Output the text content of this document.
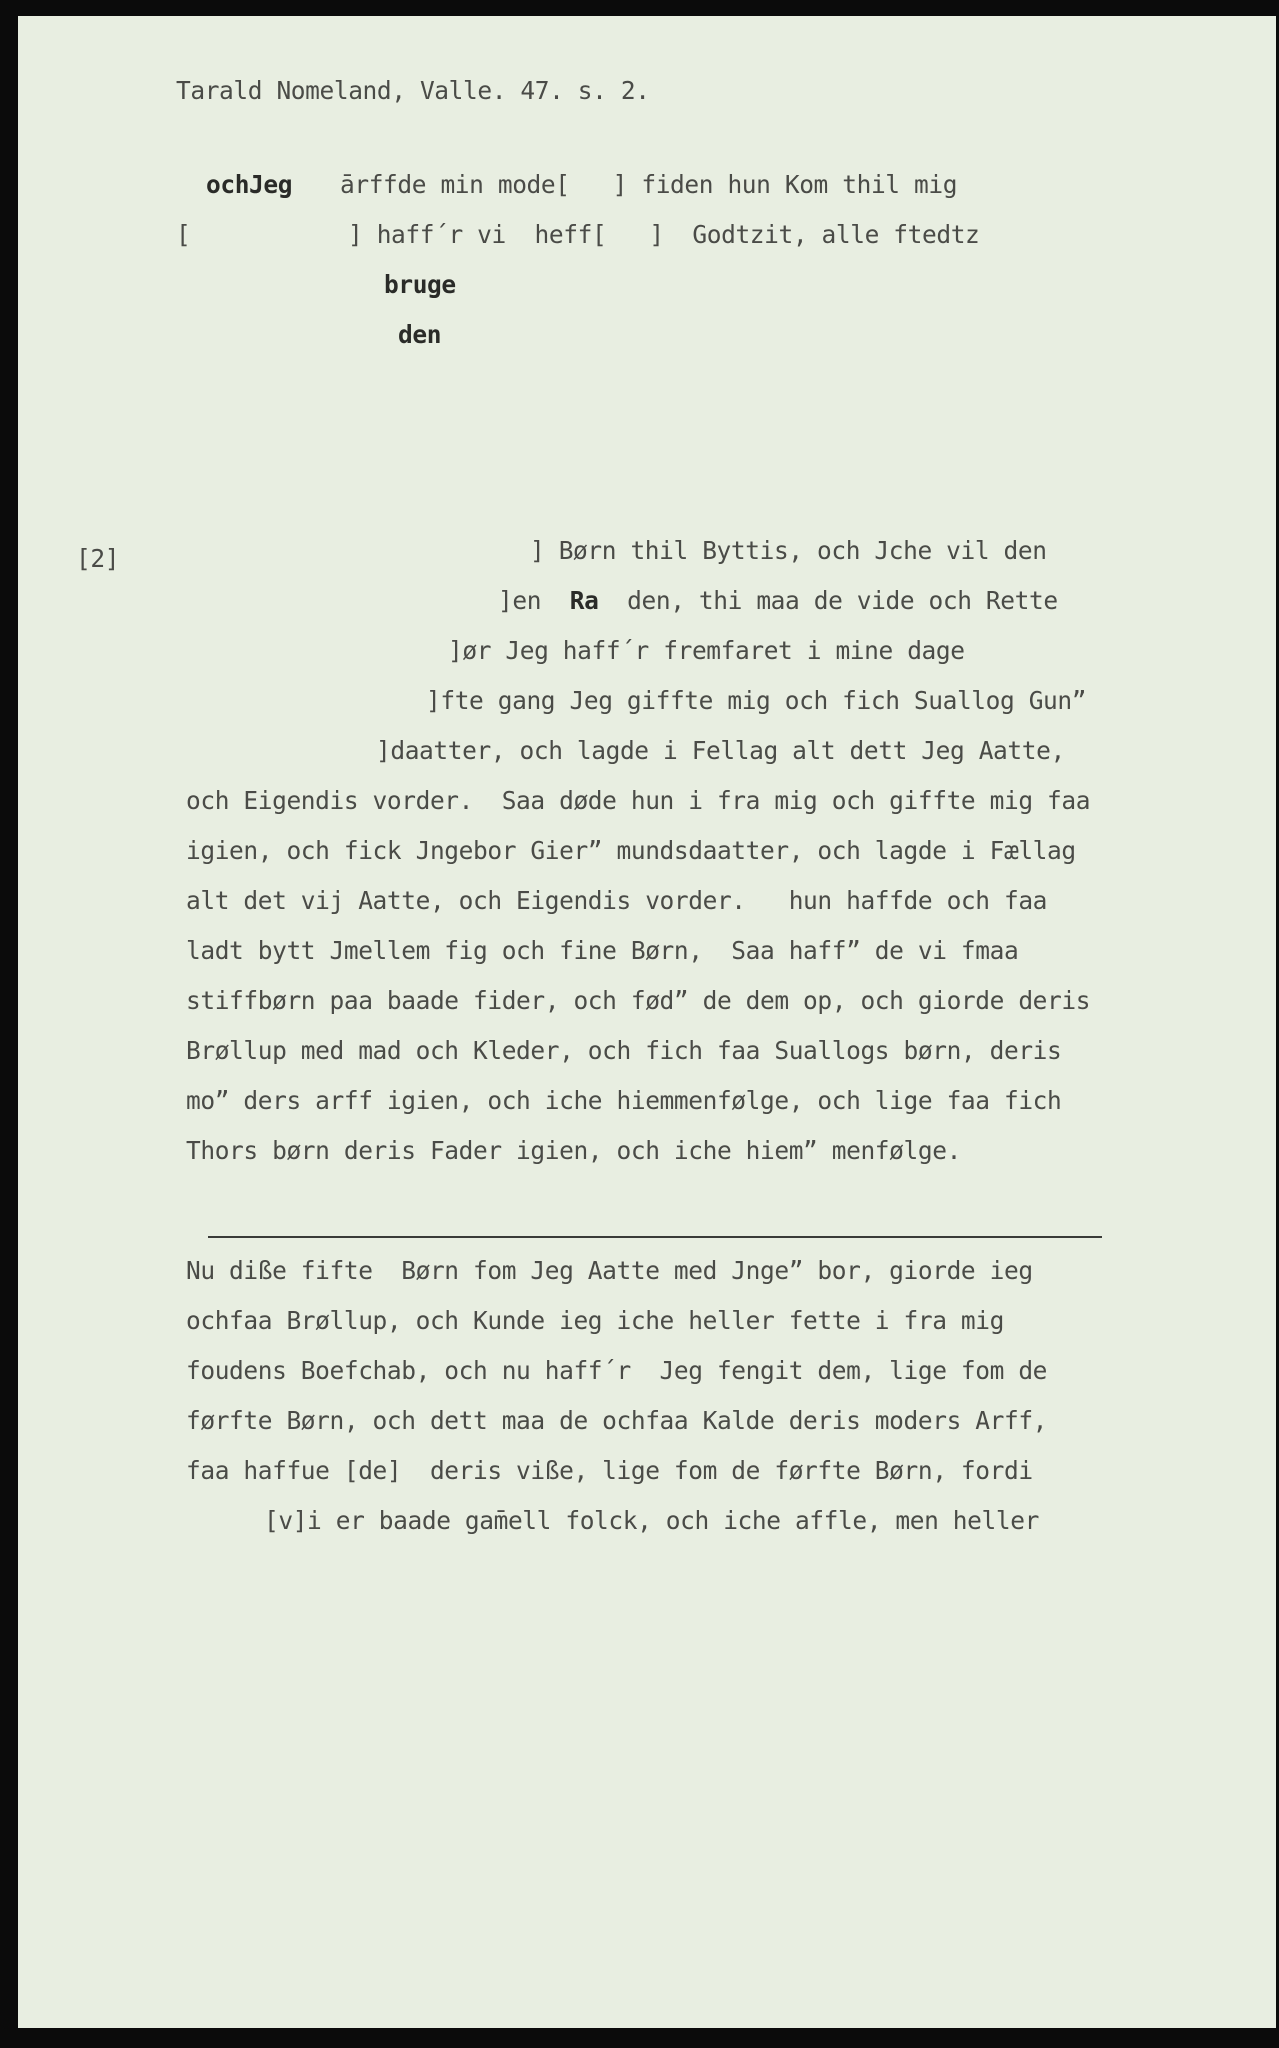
Tarald Nomeland, Valle. 47. s. 2.
ochJeg ārffde min mode[   ] fiden hun Kom thil mig
[	] haff´r vi  heff[   ]  Godtzit, alle ftedtz
bruge
den
[2]	] Børn thil Byttis, och Jche vil den
]en  Ra  den, thi maa de vide och Rette
]ør Jeg haff´r fremfaret i mine dage
]fte gang Jeg giffte mig och fich Suallog Gun”
]daatter, och lagde i Fellag alt dett Jeg Aatte,
och Eigendis vorder.  Saa døde hun i fra mig och giffte mig faa
igien, och fick Jngebor Gier” mundsdaatter, och lagde i Fællag
alt det vij Aatte, och Eigendis vorder.   hun haffde och faa
ladt bytt Jmellem fig och fine Børn,  Saa haff” de vi fmaa
stiffbørn paa baade fider, och fød” de dem op, och giorde deris
Brøllup med mad och Kleder, och fich faa Suallogs børn, deris
mo” ders arff igien, och iche hiemmenfølge, och lige faa fich
Thors børn deris Fader igien, och iche hiem” menfølge.
Nu diße fifte  Børn fom Jeg Aatte med Jnge” bor, giorde ieg
ochfaa Brøllup, och Kunde ieg iche heller fette i fra mig
foudens Boefchab, och nu haff´r  Jeg fengit dem, lige fom de
førfte Børn, och dett maa de ochfaa Kalde deris moders Arff,
faa haffue [de]  deris viße, lige fom de førfte Børn, fordi
[v]i er baade gam̄ell folck, och iche affle, men heller
